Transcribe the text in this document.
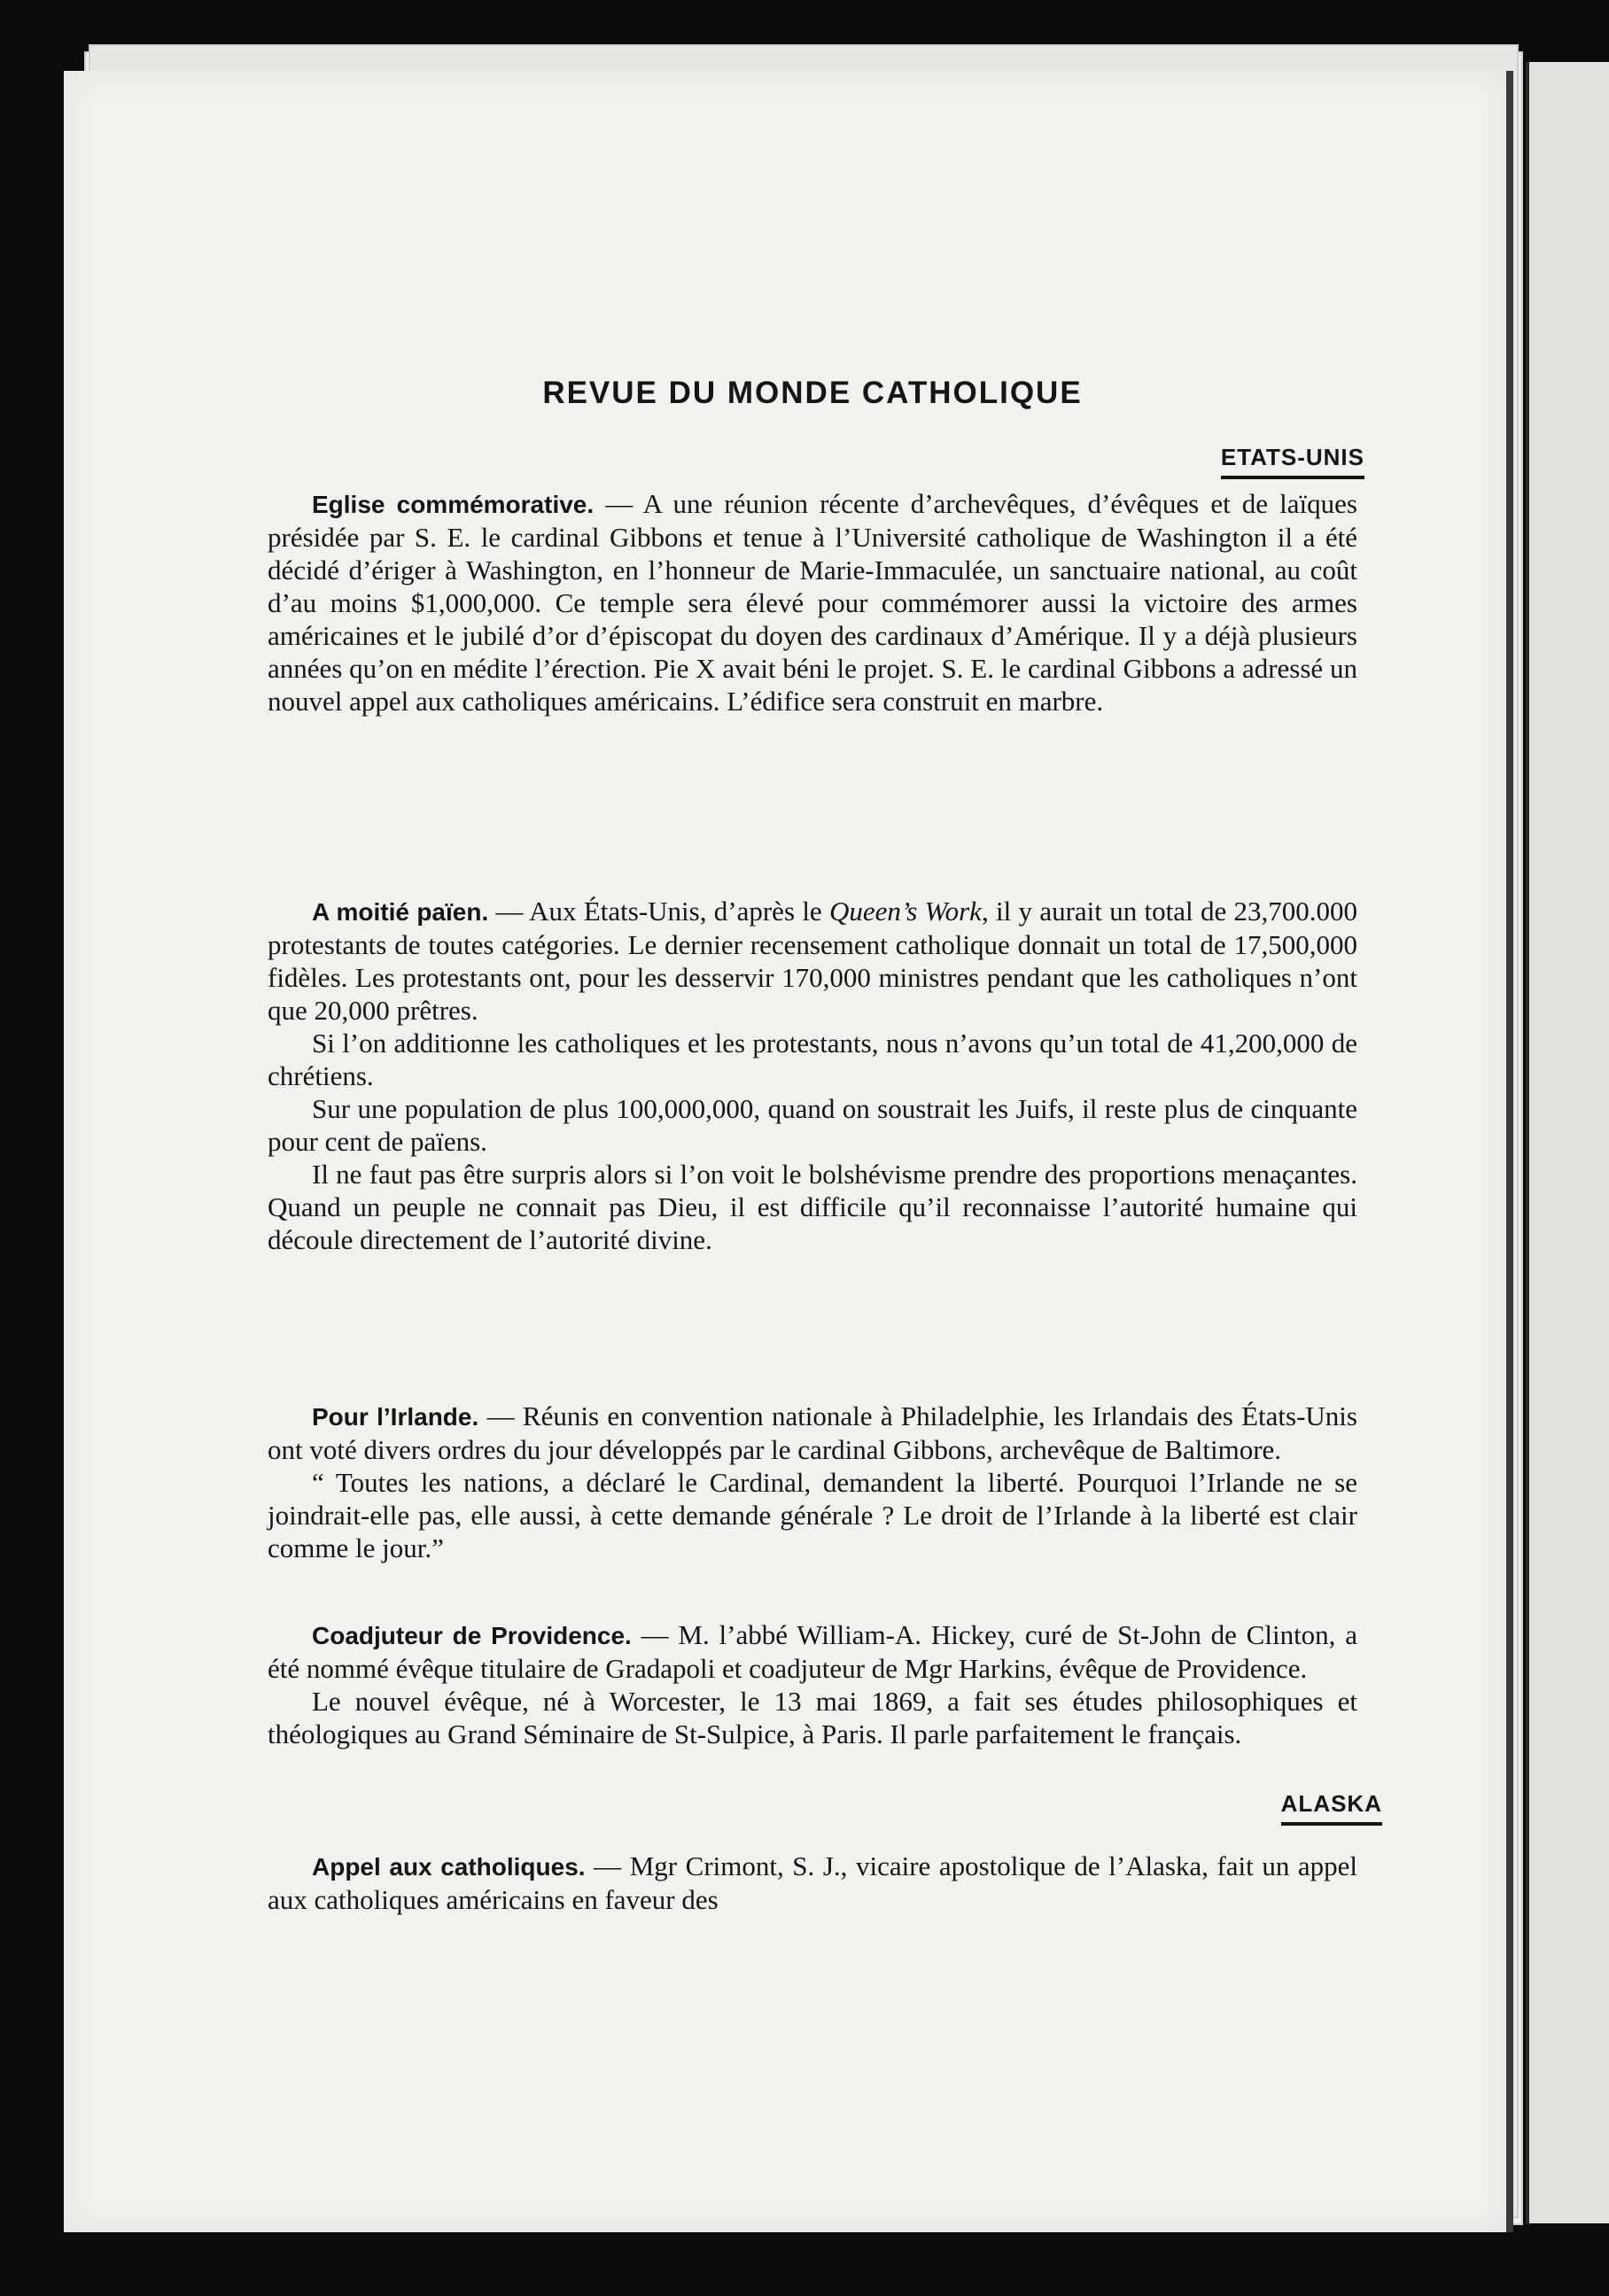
REVUE DU MONDE CATHOLIQUE
ETATS-UNIS

Eglise commémorative. — A une réunion récente d’archevêques, d’évêques et de laïques présidée par S. E. le cardinal Gibbons et tenue à l’Université catholique de Washington il a été décidé d’ériger à Washington, en l’honneur de Marie-Immaculée, un sanctuaire national, au coût d’au moins $1,000,000. Ce temple sera élevé pour commémorer aussi la victoire des armes américaines et le jubilé d’or d’épiscopat du doyen des cardinaux d’Amérique. Il y a déjà plusieurs années qu’on en médite l’érection. Pie X avait béni le projet. S. E. le cardinal Gibbons a adressé un nouvel appel aux catholiques américains. L’édifice sera construit en marbre.

A moitié païen. — Aux États-Unis, d’après le Queen’s Work, il y aurait un total de 23,700.000 protestants de toutes catégories. Le dernier recensement catholique donnait un total de 17,500,000 fidèles. Les protestants ont, pour les desservir 170,000 ministres pendant que les catholiques n’ont que 20,000 prêtres.

Si l’on additionne les catholiques et les protestants, nous n’avons qu’un total de 41,200,000 de chrétiens.

Sur une population de plus 100,000,000, quand on soustrait les Juifs, il reste plus de cinquante pour cent de païens.

Il ne faut pas être surpris alors si l’on voit le bolshévisme prendre des proportions menaçantes. Quand un peuple ne connait pas Dieu, il est difficile qu’il reconnaisse l’autorité humaine qui découle directement de l’autorité divine.

Pour l’Irlande. — Réunis en convention nationale à Philadelphie, les Irlandais des États-Unis ont voté divers ordres du jour développés par le cardinal Gibbons, archevêque de Baltimore.

“ Toutes les nations, a déclaré le Cardinal, demandent la liberté. Pourquoi l’Irlande ne se joindrait-elle pas, elle aussi, à cette demande générale ? Le droit de l’Irlande à la liberté est clair comme le jour.”

Coadjuteur de Providence. — M. l’abbé William-A. Hickey, curé de St-John de Clinton, a été nommé évêque titulaire de Gradapoli et coadjuteur de Mgr Harkins, évêque de Providence.

Le nouvel évêque, né à Worcester, le 13 mai 1869, a fait ses études philosophiques et théologiques au Grand Séminaire de St-Sulpice, à Paris. Il parle parfaitement le français.

ALASKA

Appel aux catholiques. — Mgr Crimont, S. J., vicaire apostolique de l’Alaska, fait un appel aux catholiques américains en faveur des
